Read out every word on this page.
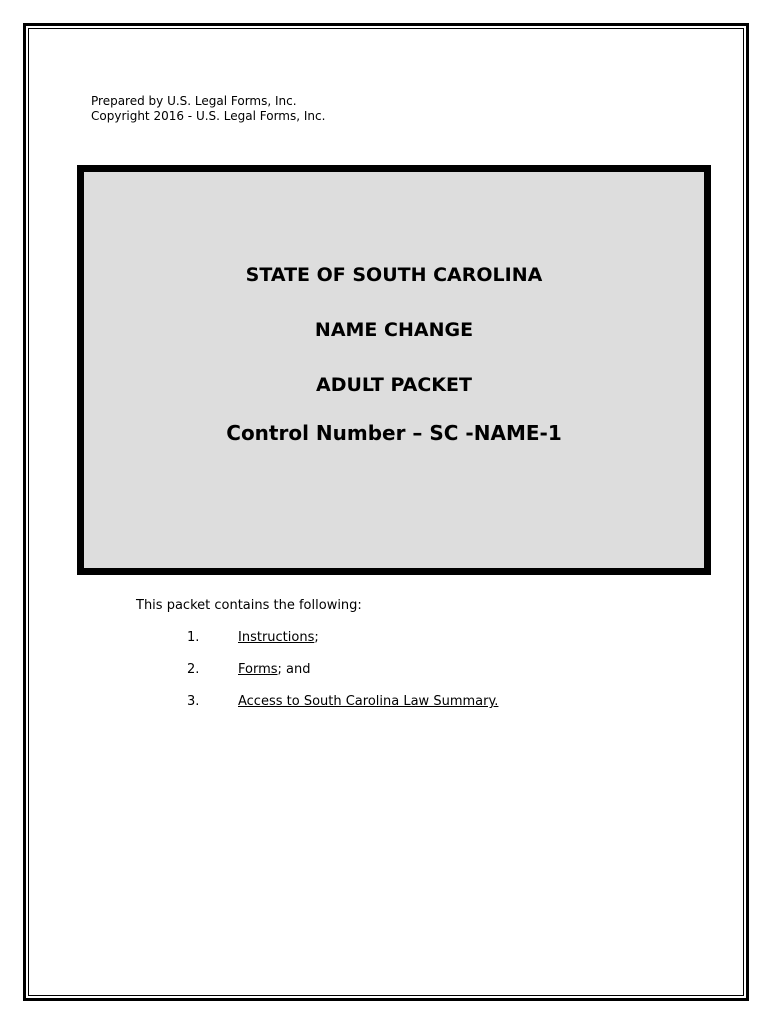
Prepared by U.S. Legal Forms, Inc.
Copyright 2016 - U.S. Legal Forms, Inc.
STATE OF SOUTH CAROLINA
NAME CHANGE
ADULT PACKET
Control Number – SC -NAME-1
This packet contains the following:
1.	Instructions;
2.	Forms; and
3.	Access to South Carolina Law Summary.
